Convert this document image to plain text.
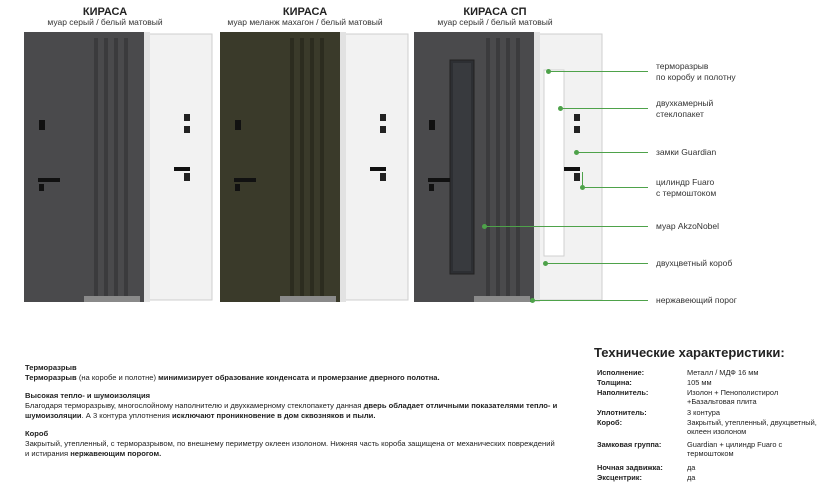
КИРАСА
муар серый / белый матовый
КИРАСА
муар меланж махагон / белый матовый
КИРАСА СП
муар серый / белый матовый
терморазрыв
по коробу и полотну
двухкамерный
стеклопакет
замки Guardian
цилиндр Fuaro
с термоштоком
муар AkzoNobel
двухцветный короб
нержавеющий порог
Терморазрыв
Терморазрыв (на коробе и полотне) минимизирует образование конденсата и промерзание дверного полотна.
Высокая тепло- и шумоизоляция
Благодаря терморазрыву, многослойному наполнителю и двухкамерному стеклопакету данная дверь обладает отличными показателями тепло- и шумоизоляции. А 3 контура уплотнения исключают проникновение в дом сквозняков и пыли.
Короб
Закрытый, утепленный, с терморазрывом, по внешнему периметру оклеен изолоном. Нижняя часть короба защищена от механических повреждений и истирания нержавеющим порогом.
Технические характеристики:
Исполнение:	Металл / МДФ 16 мм
Толщина:	105 мм
Наполнитель:	Изолон + Пенополистирол +Базальтовая плита
Уплотнитель:	3 контура
Короб:	Закрытый, утепленный, двухцветный, оклеен изолоном
Замковая группа:	Guardian + цилиндр Fuaro с термоштоком
Ночная задвижка:	да
Эксцентрик:	да
